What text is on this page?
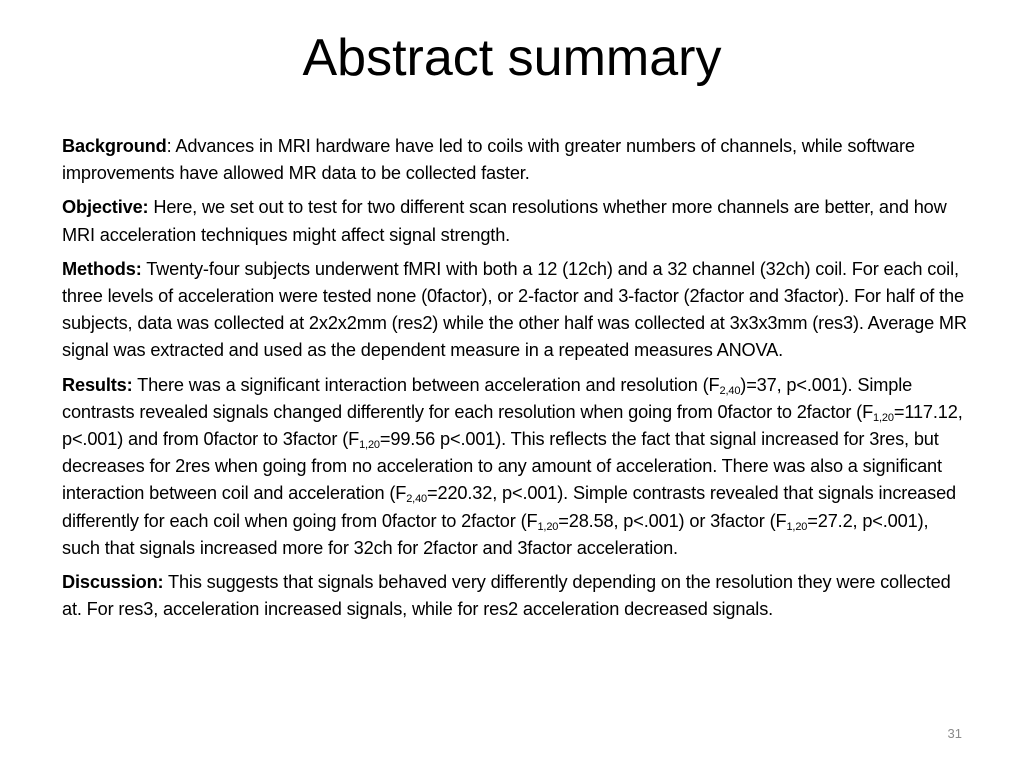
Abstract summary

Background: Advances in MRI hardware have led to coils with greater numbers of channels, while software improvements have allowed MR data to be collected faster.

Objective: Here, we set out to test for two different scan resolutions whether more channels are better, and how MRI acceleration techniques might affect signal strength.

Methods: Twenty-four subjects underwent fMRI with both a 12 (12ch) and a 32 channel (32ch) coil. For each coil, three levels of acceleration were tested none (0factor), or 2-factor and 3-factor (2factor and 3factor). For half of the subjects, data was collected at 2x2x2mm (res2) while the other half was collected at 3x3x3mm (res3). Average MR signal was extracted and used as the dependent measure in a repeated measures ANOVA.

Results: There was a significant interaction between acceleration and resolution $(F_{2,40})=37$, p<.001). Simple contrasts revealed signals changed differently for each resolution when going from 0factor to 2factor ($F_{1,20}=117.12$, p<.001) and from 0factor to 3factor ($F_{1,20}=99.56$ p<.001). This reflects the fact that signal increased for 3res, but decreases for 2res when going from no acceleration to any amount of acceleration. There was also a significant interaction between coil and acceleration ($F_{2,40}=220.32$, p<.001). Simple contrasts revealed that signals increased differently for each coil when going from 0factor to 2factor ($F_{1,20}=28.58$, p<.001) or 3factor ($F_{1,20}=27.2$, p<.001), such that signals increased more for 32ch for 2factor and 3factor acceleration.

Discussion: This suggests that signals behaved very differently depending on the resolution they were collected at. For res3, acceleration increased signals, while for res2 acceleration decreased signals.

31
